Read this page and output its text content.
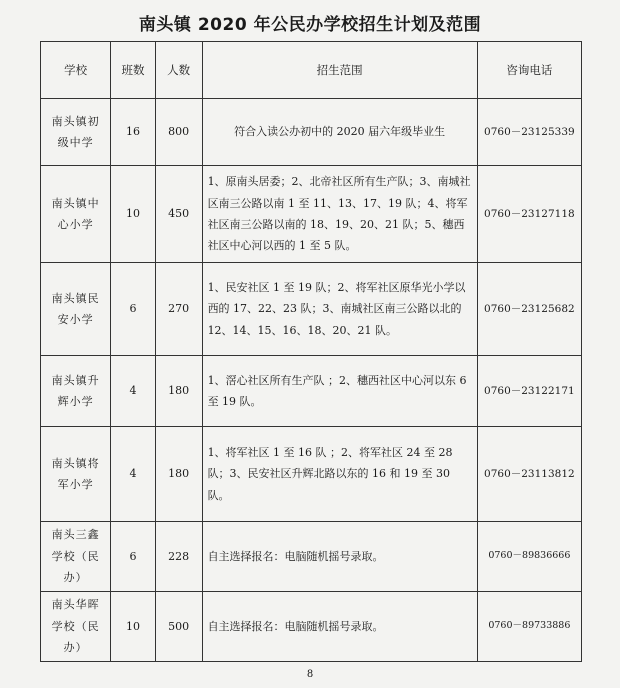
南头镇 2020 年公民办学校招生计划及范围
学校	班数	人数	招生范围	咨询电话
南头镇初级中学	16	800	符合入读公办初中的 2020 届六年级毕业生	0760－23125339
南头镇中心小学	10	450	1、原南头居委；2、北帝社区所有生产队；3、南城社区南三公路以南 1 至 11、13、17、19 队；4、将军社区南三公路以南的 18、19、20、21 队；5、穗西社区中心河以西的 1 至 5 队。	0760－23127118
南头镇民安小学	6	270	1、民安社区 1 至 19 队；2、将军社区原华光小学以西的 17、22、23 队；3、南城社区南三公路以北的 12、14、15、16、18、20、21 队。	0760－23125682
南头镇升辉小学	4	180	1、滘心社区所有生产队 ；2、穗西社区中心河以东 6 至 19 队。	0760－23122171
南头镇将军小学	4	180	1、将军社区 1 至 16 队 ；2、将军社区 24 至 28 队；3、民安社区升辉北路以东的 16 和 19 至 30 队。	0760－23113812
南头三鑫学校（民办）	6	228	自主选择报名：电脑随机摇号录取。	0760－89836666
南头华晖学校（民办）	10	500	自主选择报名：电脑随机摇号录取。	0760－89733886
8
